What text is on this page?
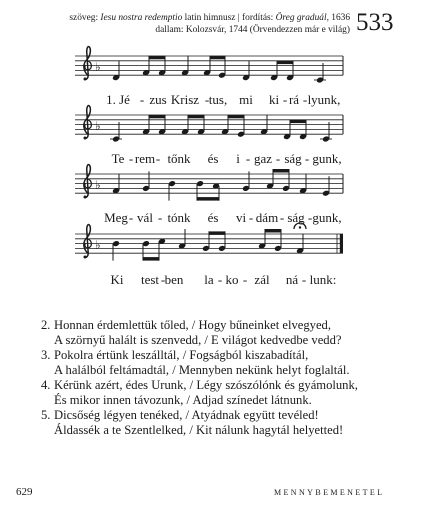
szöveg: Iesu nostra redemptio latin himnusz | fordítás: Öreg graduál, 1636
dallam: Kolozsvár, 1744 (Örvendezzen már e világ) 533
♭
1. Jé - zus Krisz - tus, mi ki - rá - lyunk,
♭
Te - rem - tőnk és i - gaz - ság - gunk,
♭
Meg - vál - tónk és vi - dám - ság - gunk,
♭
Ki test - ben la - ko - zál ná - lunk:
2. Honnan érdemlettük tőled, / Hogy bűneinket elvegyed,
A szörnyű halált is szenvedd, / E világot kedvedbe vedd?
3. Pokolra értünk leszálltál, / Fogságból kiszabadítál,
A halálból feltámadtál, / Mennyben nekünk helyt foglaltál.
4. Kérünk azért, édes Urunk, / Légy szószólónk és gyámolunk,
És mikor innen távozunk, / Adjad színedet látnunk.
5. Dicsőség légyen tenéked, / Atyádnak együtt tevéled!
Áldassék a te Szentlelked, / Kit nálunk hagytál helyetted!
629	MENNYBEMENETEL
